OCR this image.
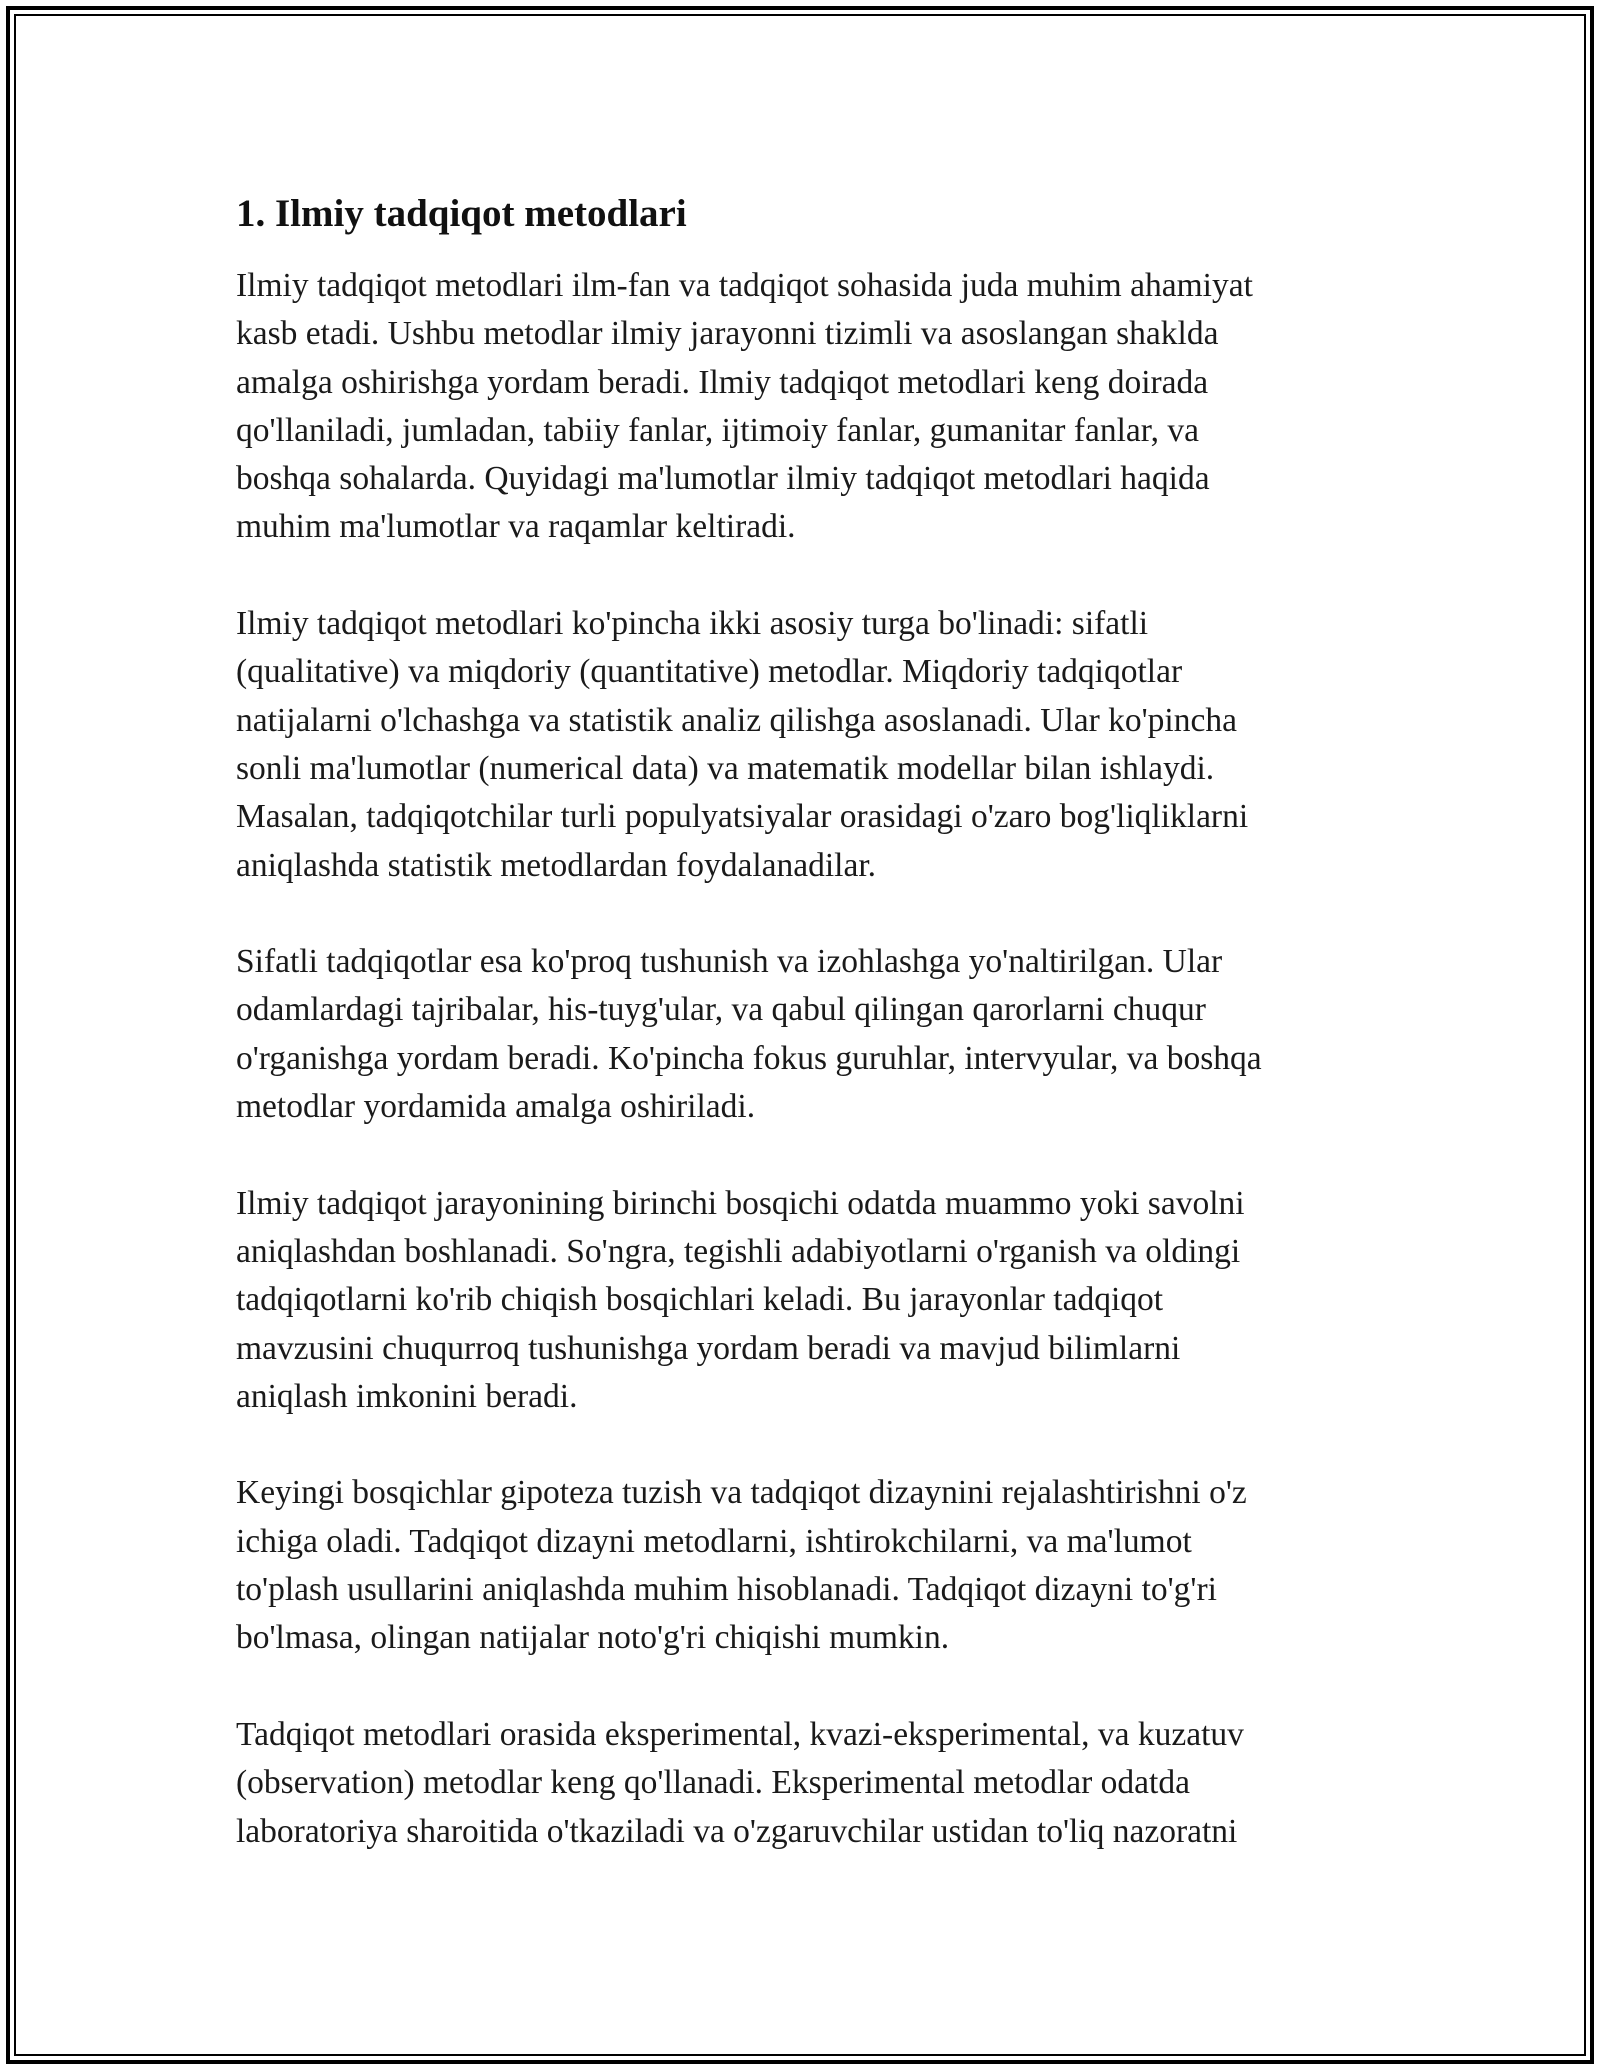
1. Ilmiy tadqiqot metodlari

Ilmiy tadqiqot metodlari ilm-fan va tadqiqot sohasida juda muhim ahamiyat
kasb etadi. Ushbu metodlar ilmiy jarayonni tizimli va asoslangan shaklda
amalga oshirishga yordam beradi. Ilmiy tadqiqot metodlari keng doirada
qo'llaniladi, jumladan, tabiiy fanlar, ijtimoiy fanlar, gumanitar fanlar, va
boshqa sohalarda. Quyidagi ma'lumotlar ilmiy tadqiqot metodlari haqida
muhim ma'lumotlar va raqamlar keltiradi.

Ilmiy tadqiqot metodlari ko'pincha ikki asosiy turga bo'linadi: sifatli
(qualitative) va miqdoriy (quantitative) metodlar. Miqdoriy tadqiqotlar
natijalarni o'lchashga va statistik analiz qilishga asoslanadi. Ular ko'pincha
sonli ma'lumotlar (numerical data) va matematik modellar bilan ishlaydi.
Masalan, tadqiqotchilar turli populyatsiyalar orasidagi o'zaro bog'liqliklarni
aniqlashda statistik metodlardan foydalanadilar.

Sifatli tadqiqotlar esa ko'proq tushunish va izohlashga yo'naltirilgan. Ular
odamlardagi tajribalar, his-tuyg'ular, va qabul qilingan qarorlarni chuqur
o'rganishga yordam beradi. Ko'pincha fokus guruhlar, intervyular, va boshqa
metodlar yordamida amalga oshiriladi.

Ilmiy tadqiqot jarayonining birinchi bosqichi odatda muammo yoki savolni
aniqlashdan boshlanadi. So'ngra, tegishli adabiyotlarni o'rganish va oldingi
tadqiqotlarni ko'rib chiqish bosqichlari keladi. Bu jarayonlar tadqiqot
mavzusini chuqurroq tushunishga yordam beradi va mavjud bilimlarni
aniqlash imkonini beradi.

Keyingi bosqichlar gipoteza tuzish va tadqiqot dizaynini rejalashtirishni o'z
ichiga oladi. Tadqiqot dizayni metodlarni, ishtirokchilarni, va ma'lumot
to'plash usullarini aniqlashda muhim hisoblanadi. Tadqiqot dizayni to'g'ri
bo'lmasa, olingan natijalar noto'g'ri chiqishi mumkin.

Tadqiqot metodlari orasida eksperimental, kvazi-eksperimental, va kuzatuv
(observation) metodlar keng qo'llanadi. Eksperimental metodlar odatda
laboratoriya sharoitida o'tkaziladi va o'zgaruvchilar ustidan to'liq nazoratni
